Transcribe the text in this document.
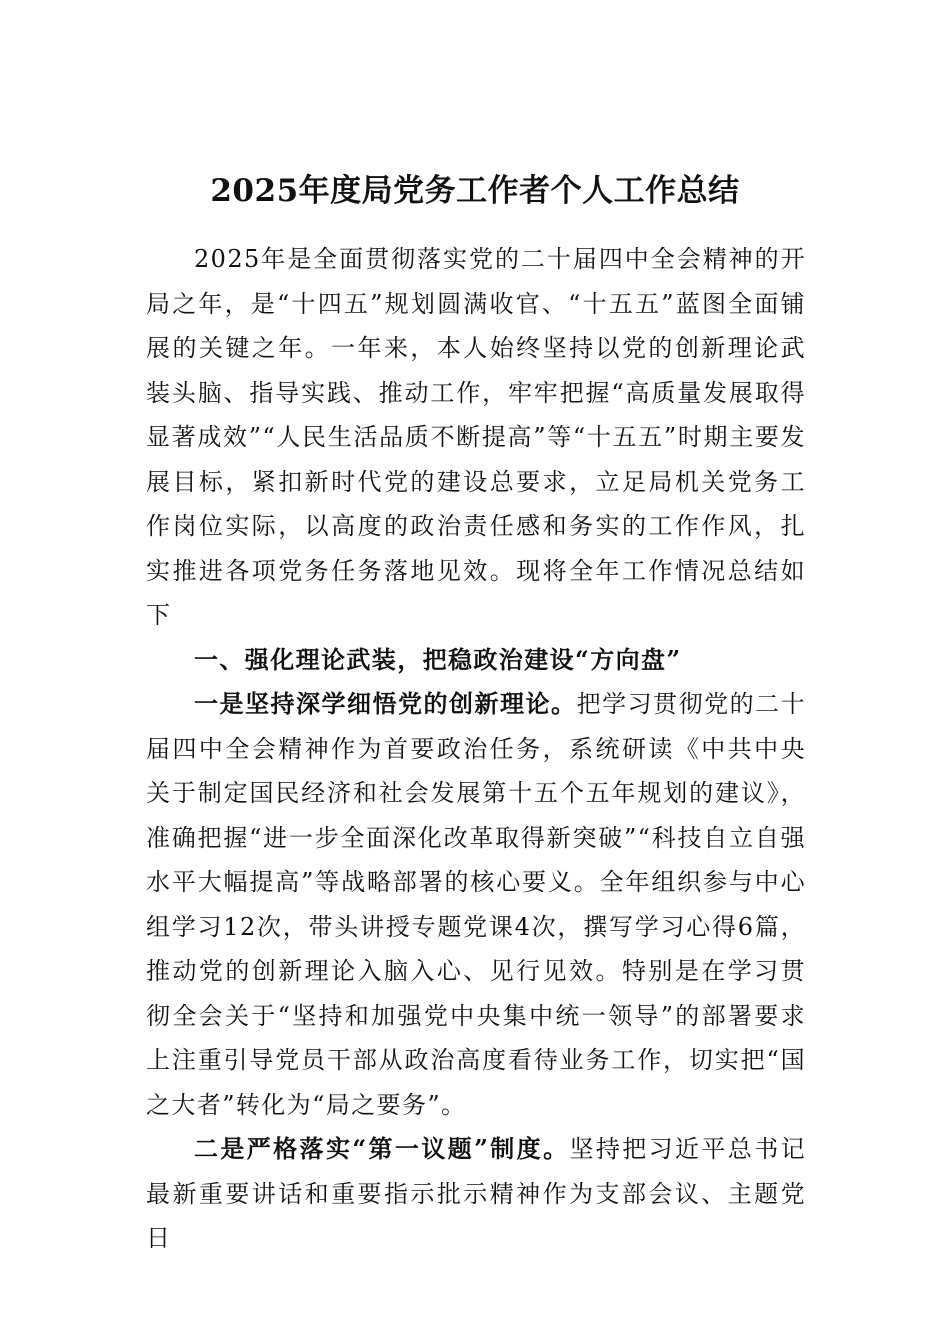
2025年度局党务工作者个人工作总结

2025年是全面贯彻落实党的二十届四中全会精神的开局之年，是“十四五”规划圆满收官、“十五五”蓝图全面铺展的关键之年。一年来，本人始终坚持以党的创新理论武装头脑、指导实践、推动工作，牢牢把握“高质量发展取得显著成效”“人民生活品质不断提高”等“十五五”时期主要发展目标，紧扣新时代党的建设总要求，立足局机关党务工作岗位实际，以高度的政治责任感和务实的工作作风，扎实推进各项党务任务落地见效。现将全年工作情况总结如下

一、强化理论武装，把稳政治建设“方向盘”

一是坚持深学细悟党的创新理论。把学习贯彻党的二十届四中全会精神作为首要政治任务，系统研读《中共中央关于制定国民经济和社会发展第十五个五年规划的建议》，准确把握“进一步全面深化改革取得新突破”“科技自立自强水平大幅提高”等战略部署的核心要义。全年组织参与中心组学习12次，带头讲授专题党课4次，撰写学习心得6篇，推动党的创新理论入脑入心、见行见效。特别是在学习贯彻全会关于“坚持和加强党中央集中统一领导”的部署要求上注重引导党员干部从政治高度看待业务工作，切实把“国之大者”转化为“局之要务”。

二是严格落实“第一议题”制度。坚持把习近平总书记最新重要讲话和重要指示批示精神作为支部会议、主题党日
